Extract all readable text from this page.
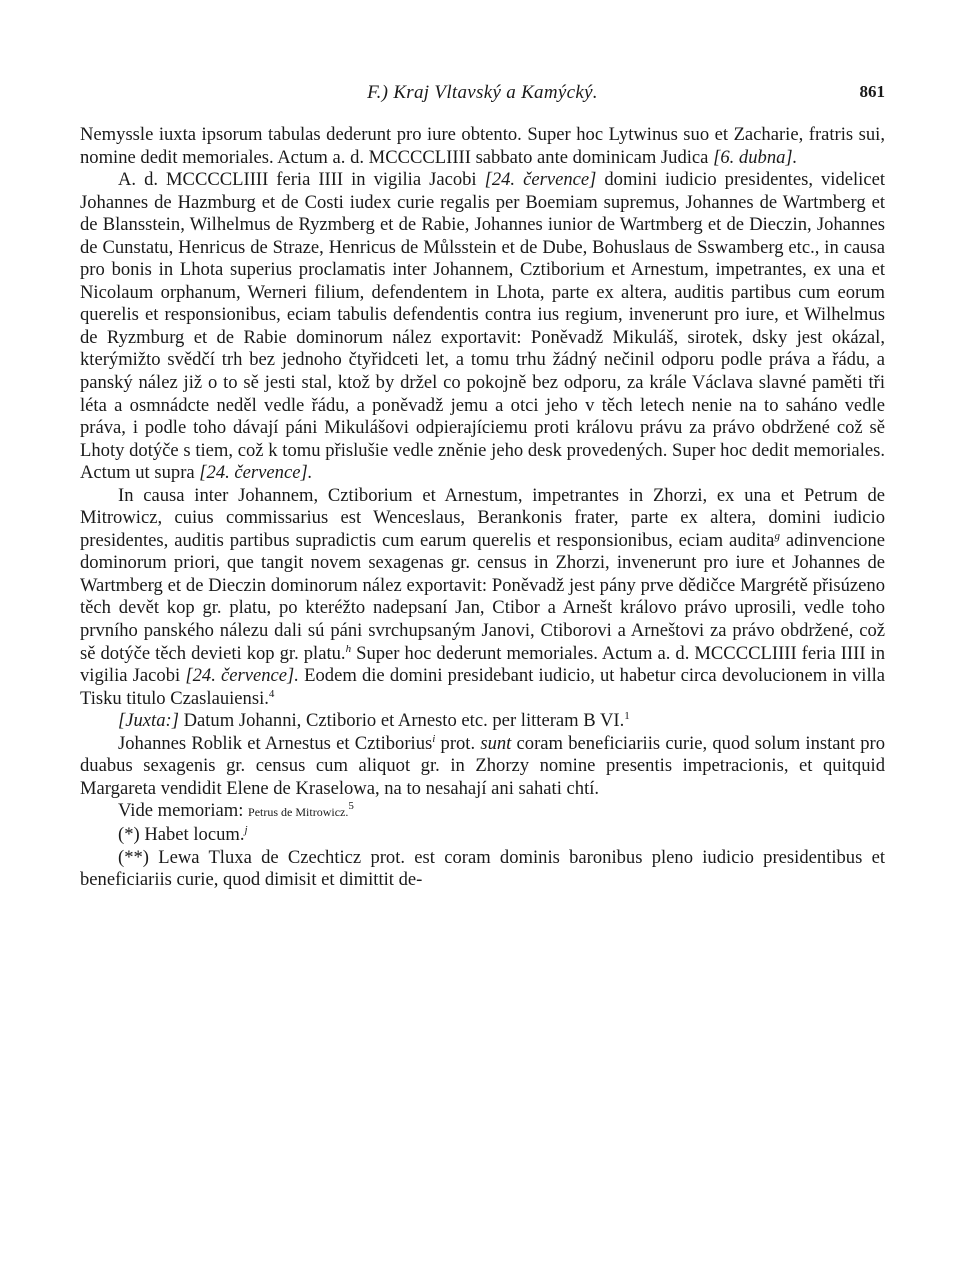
F.) Kraj Vltavský a Kamýcký.	861

Nemyssle iuxta ipsorum tabulas dederunt pro iure obtento. Super hoc Lytwinus suo et Zacharie, fratris sui, nomine dedit memoriales. Actum a. d. MCCCCLIIII sabbato ante dominicam Judica [6. dubna].

A. d. MCCCCLIIII feria IIII in vigilia Jacobi [24. července] domini iudicio presidentes, videlicet Johannes de Hazmburg et de Costi iudex curie regalis per Boemiam supremus, Johannes de Wartmberg et de Blansstein, Wilhelmus de Ryzmberg et de Rabie, Johannes iunior de Wartmberg et de Dieczin, Johannes de Cunstatu, Henricus de Straze, Henricus de Můlsstein et de Dube, Bohuslaus de Sswamberg etc., in causa pro bonis in Lhota superius proclamatis inter Johannem, Cztiborium et Arnestum, impetrantes, ex una et Nicolaum orphanum, Werneri filium, defendentem in Lhota, parte ex altera, auditis partibus cum eorum querelis et responsionibus, eciam tabulis defendentis contra ius regium, invenerunt pro iure, et Wilhelmus de Ryzmburg et de Rabie dominorum nález exportavit: Poněvadž Mikuláš, sirotek, dsky jest okázal, kterýmižto svědčí trh bez jednoho čtyřidceti let, a tomu trhu žádný nečinil odporu podle práva a řádu, a panský nález již o to sě jesti stal, ktož by držel co pokojně bez odporu, za krále Václava slavné paměti tři léta a osmnádcte neděl vedle řádu, a poněvadž jemu a otci jeho v těch letech nenie na to saháno vedle práva, i podle toho dávají páni Mikulášovi odpierajíciemu proti královu právu za právo obdržené což sě Lhoty dotýče s tiem, což k tomu přislušie vedle zněnie jeho desk provedených. Super hoc dedit memoriales. Actum ut supra [24. července].

In causa inter Johannem, Cztiborium et Arnestum, impetrantes in Zhorzi, ex una et Petrum de Mitrowicz, cuius commissarius est Wenceslaus, Berankonis frater, parte ex altera, domini iudicio presidentes, auditis partibus supradictis cum earum querelis et responsionibus, eciam audita$^g$ adinvencione dominorum priori, que tangit novem sexagenas gr. census in Zhorzi, invenerunt pro iure et Johannes de Wartmberg et de Dieczin dominorum nález exportavit: Poněvadž jest pány prve dědičce Margrétě přisúzeno těch devět kop gr. platu, po kteréžto nadepsaní Jan, Ctibor a Arnešt královo právo uprosili, vedle toho prvního panského nálezu dali sú páni svrchupsaným Janovi, Ctiborovi a Arneštovi za právo obdržené, což sě dotýče těch devieti kop gr. platu.$^h$ Super hoc dederunt memoriales. Actum a. d. MCCCCLIIII feria IIII in vigilia Jacobi [24. července]. Eodem die domini presidebant iudicio, ut habetur circa devolucionem in villa Tisku titulo Czaslauiensi.$^4$

[Juxta:] Datum Johanni, Cztiborio et Arnesto etc. per litteram B VI.$^1$

Johannes Roblik et Arnestus et Cztiborius$^i$ prot. sunt coram beneficiariis curie, quod solum instant pro duabus sexagenis gr. census cum aliquot gr. in Zhorzy nomine presentis impetracionis, et quitquid Margareta vendidit Elene de Kraselowa, na to nesahají ani sahati chtí.

Vide memoriam: Petrus de Mitrowicz.$^5$

(*) Habet locum.$^j$

(**) Lewa Tluxa de Czechticz prot. est coram dominis baronibus pleno iudicio presidentibus et beneficiariis curie, quod dimisit et dimittit de-
